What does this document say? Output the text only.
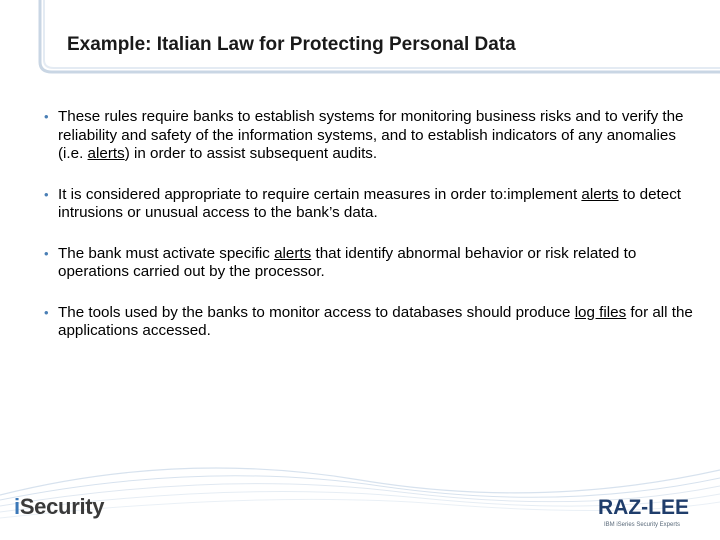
Example: Italian Law for Protecting Personal Data
• These rules require banks to establish systems for monitoring business risks and to verify the reliability and safety of the information systems, and to establish indicators of any anomalies (i.e. alerts) in order to assist subsequent audits.
• It is considered appropriate to require certain measures in order to:implement alerts to detect intrusions or unusual access to the bank’s data.
• The bank must activate specific alerts that identify abnormal behavior or risk related to operations carried out by the processor.
• The tools used by the banks to monitor access to databases should produce log files for all the applications accessed.
iSecurity	RAZ-LEE
IBM iSeries Security Experts
